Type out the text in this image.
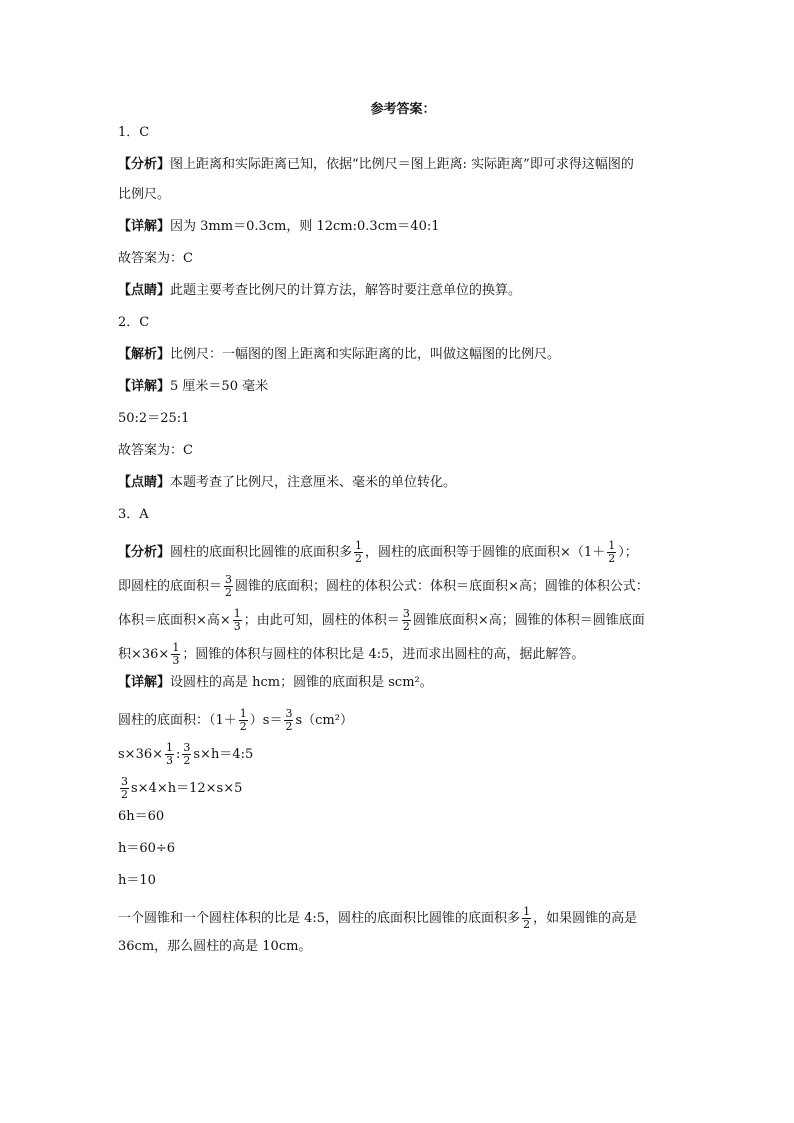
参考答案：
1．C
【分析】图上距离和实际距离已知，依据“比例尺＝图上距离: 实际距离”即可求得这幅图的
比例尺。
【详解】因为 3mm＝0.3cm，则 12cm:0.3cm＝40:1
故答案为：C
【点睛】此题主要考查比例尺的计算方法，解答时要注意单位的换算。
2．C
【解析】比例尺：一幅图的图上距离和实际距离的比，叫做这幅图的比例尺。
【详解】5 厘米＝50 毫米
50:2＝25:1
故答案为：C
【点睛】本题考查了比例尺，注意厘米、毫米的单位转化。
3．A
【分析】圆柱的底面积比圆锥的底面积多 $\frac{1}{2}$ ，圆柱的底面积等于圆锥的底面积$\times(1+ \frac{1}{2}$ ）；
即圆柱的底面积＝ $\frac{3}{2}$ 圆锥的底面积；圆柱的体积公式：体积＝底面积×高；圆锥的体积公式：
体积＝底面积×高× $\frac{1}{3}$ ；由此可知，圆柱的体积＝ $\frac{3}{2}$ 圆锥底面积×高；圆锥的体积＝圆锥底面
积$\times 36\times \frac{1}{3}$ ；圆锥的体积与圆柱的体积比是 4:5，进而求出圆柱的高，据此解答。
【详解】设圆柱的高是 hcm；圆锥的底面积是 scm²。
圆柱的底面积：$(1+ \frac{1}{2} )s= \frac{3}{2} s(cm^2)$
$s\times 36\times \frac{1}{3}$ : $\frac{3}{2}$ s×h＝4:5
$\frac{3}{2} s\times 4\times h=12\times s\times 5$
6h＝60
h＝60÷6
h＝10
一个圆锥和一个圆柱体积的比是 4:5，圆柱的底面积比圆锥的底面积多 $\frac{1}{2}$ ，如果圆锥的高是
36cm，那么圆柱的高是 10cm。
